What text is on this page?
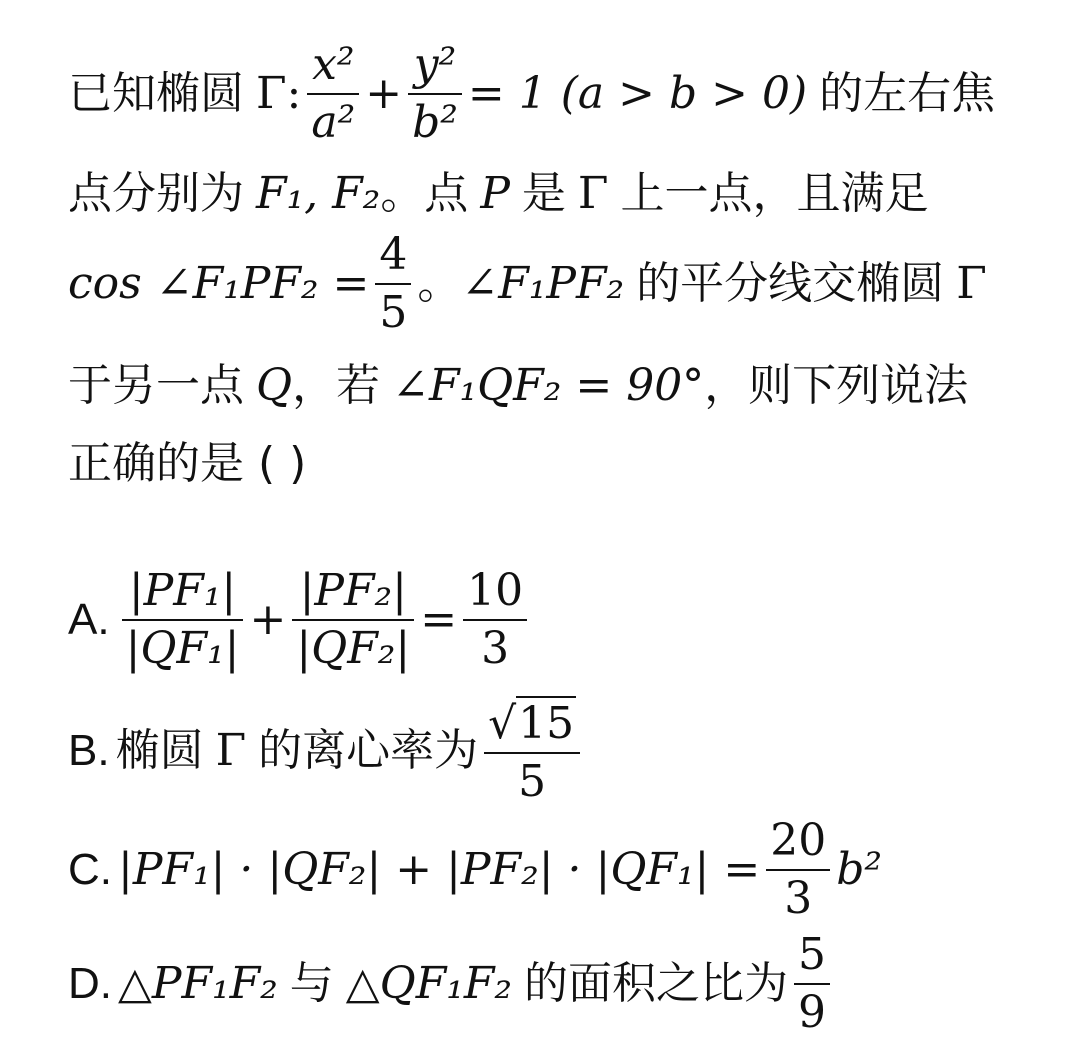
已知椭圆 Γ: $\frac{\text{x²}}{\text{a²}} + \frac{\text{y²}}{\text{b²}} = 1$ (a > b > 0) 的左右焦
点分别为 F₁, F₂ 。点 P 是 Γ 上一点，且满足
cos ∠F₁PF₂ = $\frac{4}{5}$ 。 ∠F₁PF₂ 的平分线交椭圆 Γ
于另一点 Q ，若 ∠F₁QF₂ = 90° ，则下列说法
正确的是 ( )
A. $\frac{\text{|PF₁|}}{\text{|QF₁|}} + \frac{\text{|PF₂|}}{\text{|QF₂|}} = \frac{10}{3}$
B. 椭圆 Γ 的离心率为 $\frac{√ 15}{5}$
C. $|PF_1| \cdot |QF_2| + |PF_2| \cdot |QF_1| = \frac{20}{3} b^2$
D. △PF₁F₂ 与 △QF₁F₂ 的面积之比为 $\frac{5}{9}$
